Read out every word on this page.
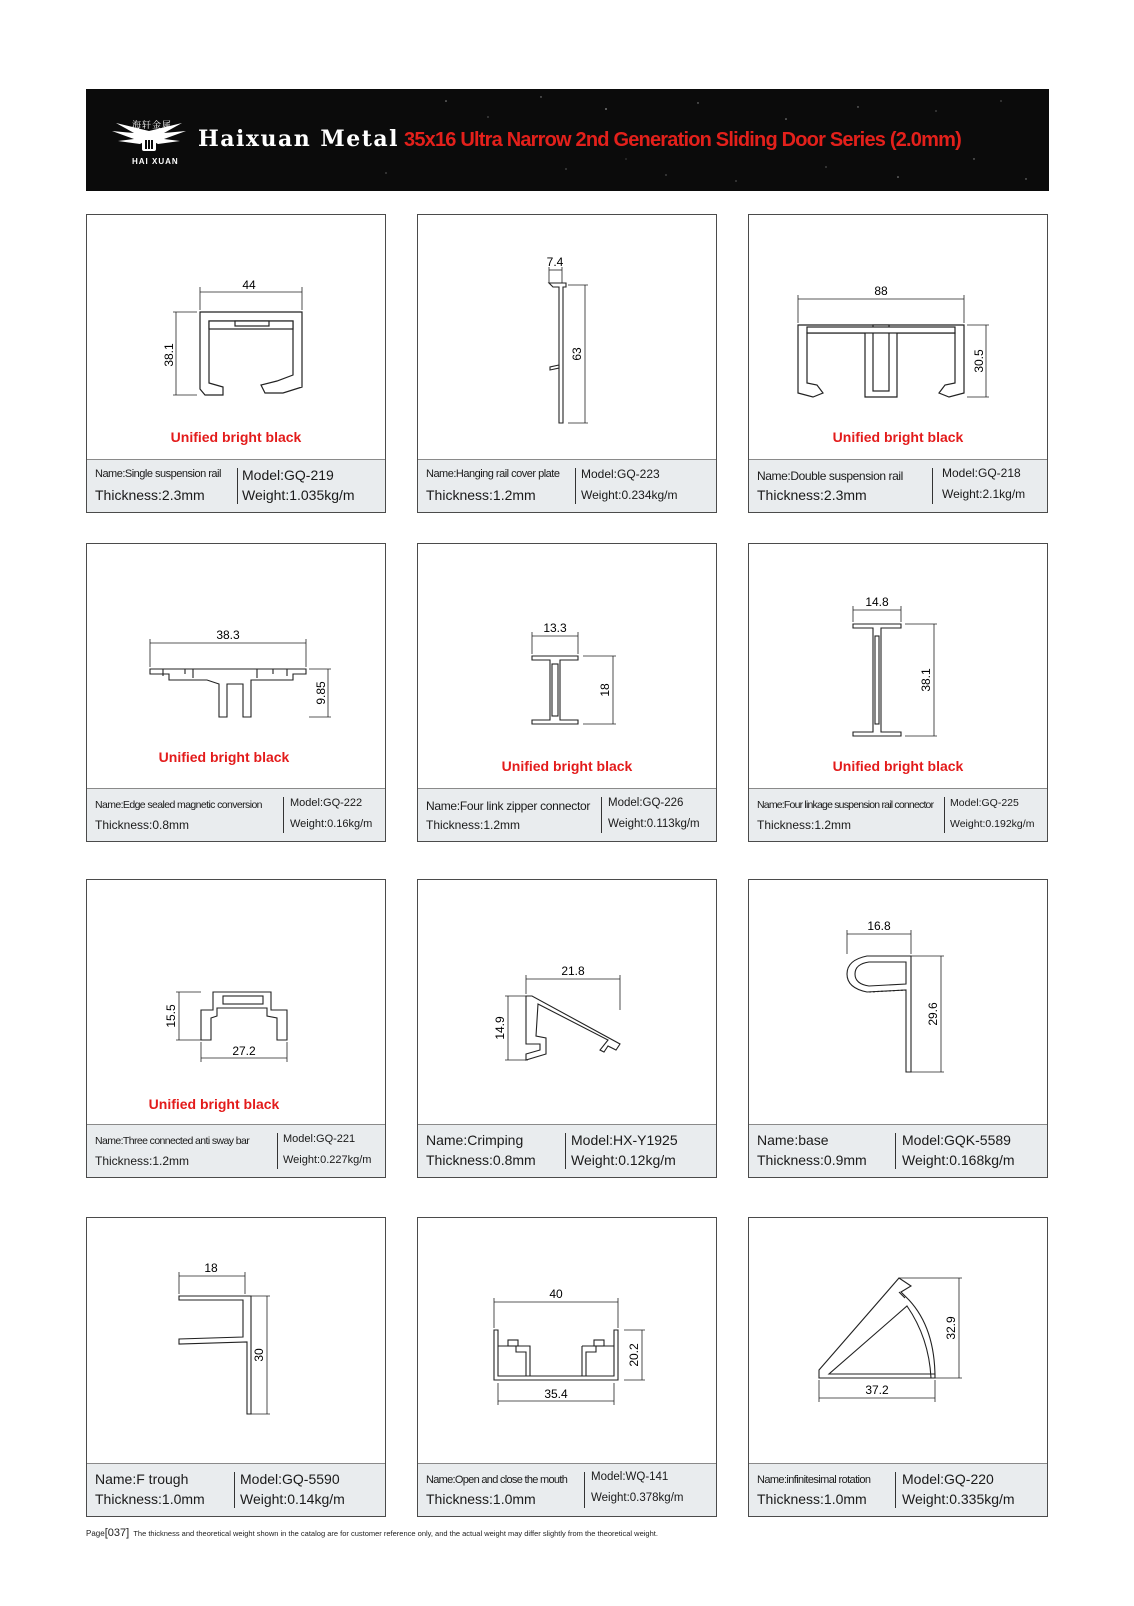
海轩金属
HAI XUAN
Haixuan Metal 35x16 Ultra Narrow 2nd Generation Sliding Door Series (2.0mm)
44
38.1
Unified bright black
Name:Single suspension rail
Thickness:2.3mm
Model:GQ-219
Weight:1.035kg/m
7.4
63
Name:Hanging rail cover plate
Thickness:1.2mm
Model:GQ-223
Weight:0.234kg/m
88
30.5
Unified bright black
Name:Double suspension rail
Thickness:2.3mm
Model:GQ-218
Weight:2.1kg/m
38.3
9.85
Unified bright black
Name:Edge sealed magnetic conversion
Thickness:0.8mm
Model:GQ-222
Weight:0.16kg/m
13.3
18
Unified bright black
Name:Four link zipper connector
Thickness:1.2mm
Model:GQ-226
Weight:0.113kg/m
14.8
38.1
Unified bright black
Name:Four linkage suspension rail connector
Thickness:1.2mm
Model:GQ-225
Weight:0.192kg/m
15.5
27.2
Unified bright black
Name:Three connected anti sway bar
Thickness:1.2mm
Model:GQ-221
Weight:0.227kg/m
21.8
14.9
Name:Crimping
Thickness:0.8mm
Model:HX-Y1925
Weight:0.12kg/m
16.8
29.6
Name:base
Thickness:0.9mm
Model:GQK-5589
Weight:0.168kg/m
18
30
Name:F trough
Thickness:1.0mm
Model:GQ-5590
Weight:0.14kg/m
40
20.2
35.4
Name:Open and close the mouth
Thickness:1.0mm
Model:WQ-141
Weight:0.378kg/m
32.9
37.2
Name:infinitesimal rotation
Thickness:1.0mm
Model:GQ-220
Weight:0.335kg/m
Page[037] The thickness and theoretical weight shown in the catalog are for customer reference only, and the actual weight may differ slightly from the theoretical weight.
